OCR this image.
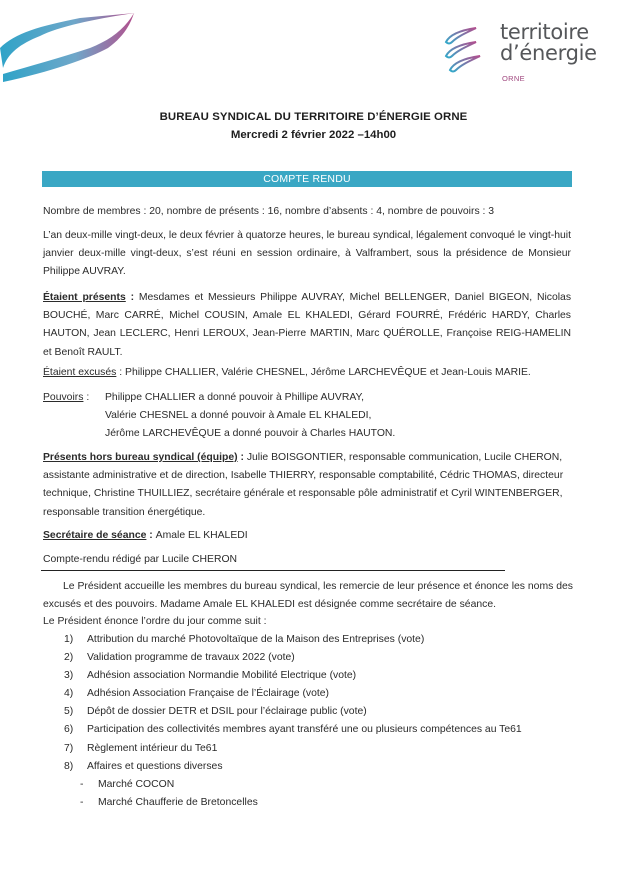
territoire
d’énergie
ORNE
BUREAU SYNDICAL DU TERRITOIRE D’ÉNERGIE ORNE
Mercredi 2 février 2022 –14h00
COMPTE RENDU
Nombre de membres : 20, nombre de présents : 16, nombre d’absents : 4, nombre de pouvoirs : 3
L’an deux-mille vingt-deux, le deux février à quatorze heures, le bureau syndical, légalement convoqué le vingt-huit janvier deux-mille vingt-deux, s’est réuni en session ordinaire, à Valframbert, sous la présidence de Monsieur Philippe AUVRAY.
Étaient présents : Mesdames et Messieurs Philippe AUVRAY, Michel BELLENGER, Daniel BIGEON, Nicolas BOUCHÉ, Marc CARRÉ, Michel COUSIN, Amale EL KHALEDI, Gérard FOURRÉ, Frédéric HARDY, Charles HAUTON, Jean LECLERC, Henri LEROUX, Jean-Pierre MARTIN, Marc QUÉROLLE, Françoise REIG-HAMELIN et Benoît RAULT.
Étaient excusés : Philippe CHALLIER, Valérie CHESNEL, Jérôme LARCHEVÊQUE et Jean-Louis MARIE.
Pouvoirs :	Philippe CHALLIER a donné pouvoir à Phillipe AUVRAY,
Valérie CHESNEL a donné pouvoir à Amale EL KHALEDI,
Jérôme LARCHEVÊQUE a donné pouvoir à Charles HAUTON.
Présents hors bureau syndical (équipe) : Julie BOISGONTIER, responsable communication, Lucile CHERON, assistante administrative et de direction, Isabelle THIERRY, responsable comptabilité, Cédric THOMAS, directeur technique, Christine THUILLIEZ, secrétaire générale et responsable pôle administratif et Cyril WINTENBERGER, responsable transition énergétique.
Secrétaire de séance : Amale EL KHALEDI
Compte-rendu rédigé par Lucile CHERON
Le Président accueille les membres du bureau syndical, les remercie de leur présence et énonce les noms des excusés et des pouvoirs. Madame Amale EL KHALEDI est désignée comme secrétaire de séance.
Le Président énonce l’ordre du jour comme suit :
1)	Attribution du marché Photovoltaïque de la Maison des Entreprises (vote)
2)	Validation programme de travaux 2022 (vote)
3)	Adhésion association Normandie Mobilité Electrique (vote)
4)	Adhésion Association Française de l’Éclairage (vote)
5)	Dépôt de dossier DETR et DSIL pour l’éclairage public (vote)
6)	Participation des collectivités membres ayant transféré une ou plusieurs compétences au Te61
7)	Règlement intérieur du Te61
8)	Affaires et questions diverses
-	Marché COCON
-	Marché Chaufferie de Bretoncelles
